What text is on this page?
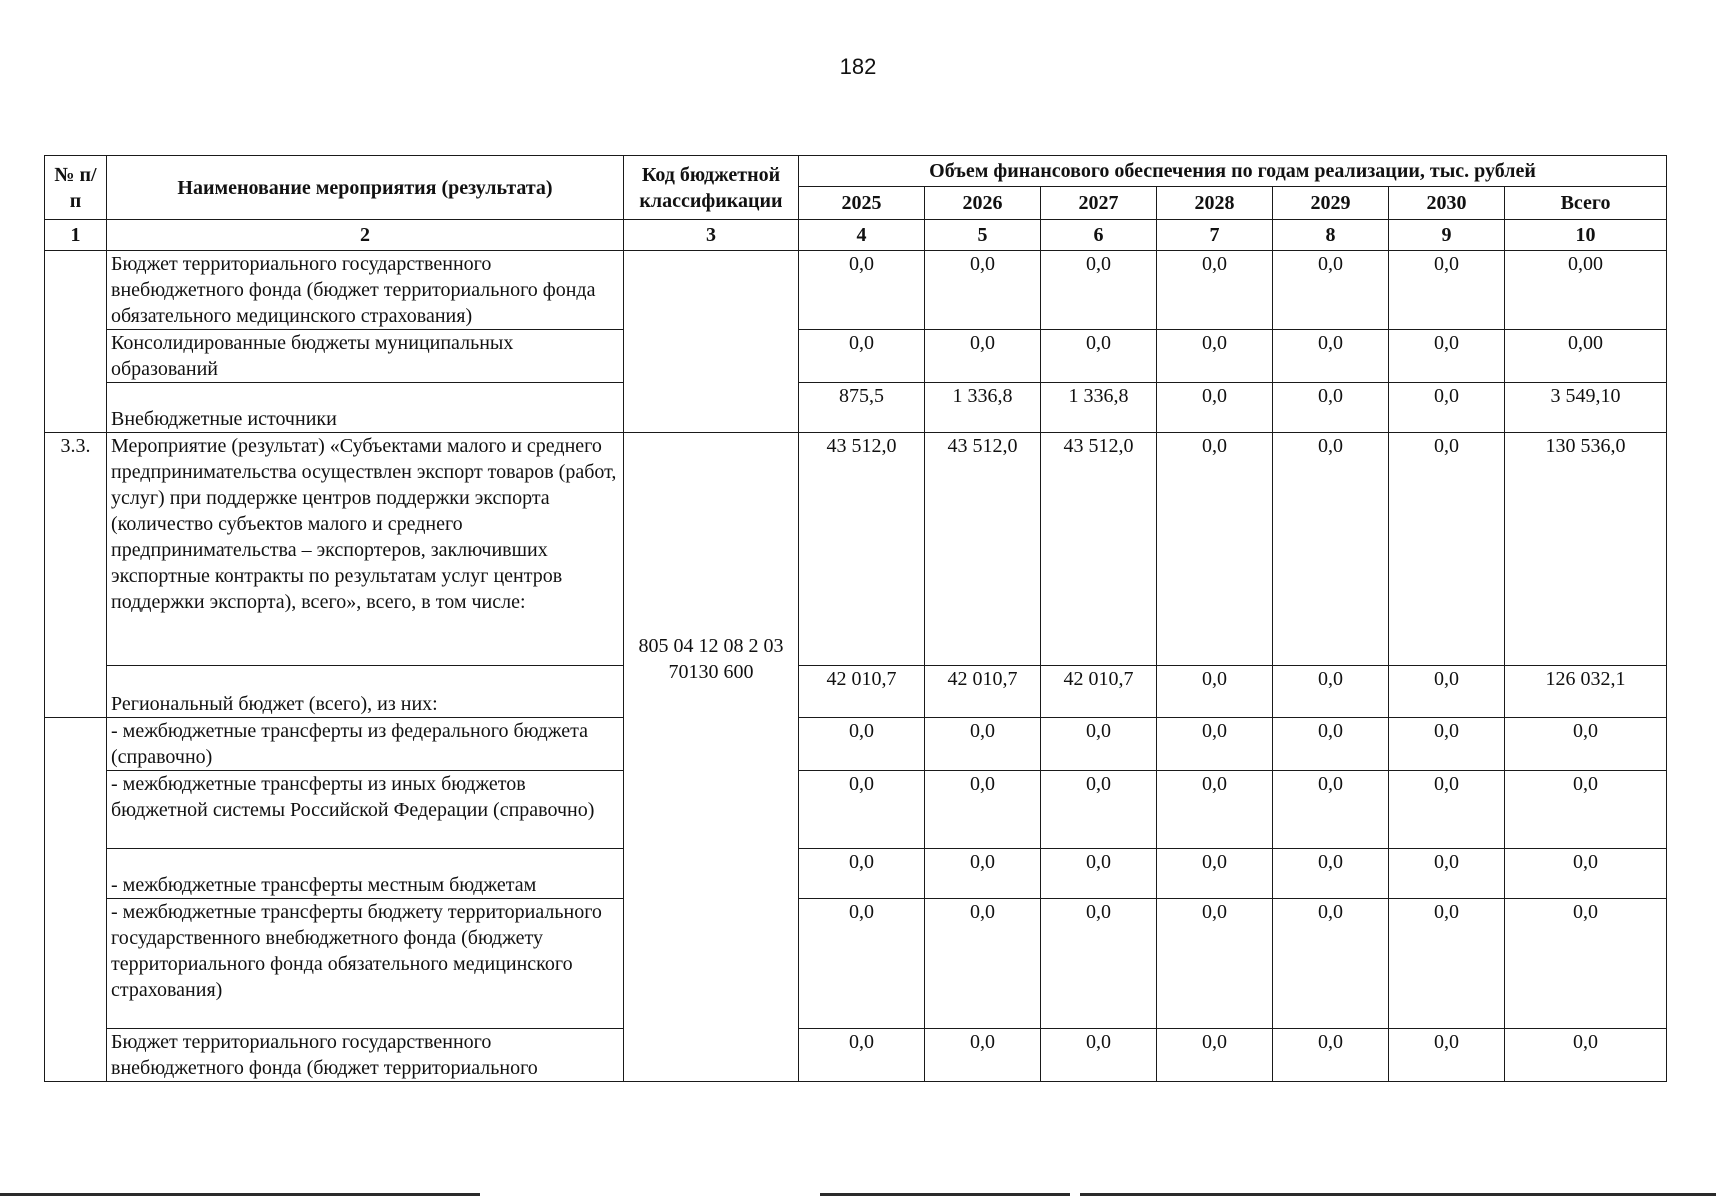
182
№ п/п	Наименование мероприятия (результата)	Код бюджетной классификации	Объем финансового обеспечения по годам реализации, тыс. рублей						
			2025	2026	2027	2028	2029	2030	Всего
1	2	3	4	5	6	7	8	9	10
	Бюджет территориального государственного внебюджетного фонда (бюджет территориального фонда обязательного медицинского страхования)		0,0	0,0	0,0	0,0	0,0	0,0	0,00
	Консолидированные бюджеты муниципальных образований		0,0	0,0	0,0	0,0	0,0	0,0	0,00
	Внебюджетные источники		875,5	1 336,8	1 336,8	0,0	0,0	0,0	3 549,10
3.3.	Мероприятие (результат) «Субъектами малого и среднего предпринимательства осуществлен экспорт товаров (работ, услуг) при поддержке центров поддержки экспорта (количество субъектов малого и среднего предпринимательства – экспортеров, заключивших экспортные контракты по результатам услуг центров поддержки экспорта), всего», всего, в том числе:	805 04 12 08 2 03 70130 600	43 512,0	43 512,0	43 512,0	0,0	0,0	0,0	130 536,0
	Региональный бюджет (всего), из них:		42 010,7	42 010,7	42 010,7	0,0	0,0	0,0	126 032,1
	- межбюджетные трансферты из федерального бюджета (справочно)		0,0	0,0	0,0	0,0	0,0	0,0	0,0
	- межбюджетные трансферты из иных бюджетов бюджетной системы Российской Федерации (справочно)		0,0	0,0	0,0	0,0	0,0	0,0	0,0
	- межбюджетные трансферты местным бюджетам		0,0	0,0	0,0	0,0	0,0	0,0	0,0
	- межбюджетные трансферты бюджету территориального государственного внебюджетного фонда (бюджету территориального фонда обязательного медицинского страхования)		0,0	0,0	0,0	0,0	0,0	0,0	0,0
	Бюджет территориального государственного внебюджетного фонда (бюджет территориального		0,0	0,0	0,0	0,0	0,0	0,0	0,0
